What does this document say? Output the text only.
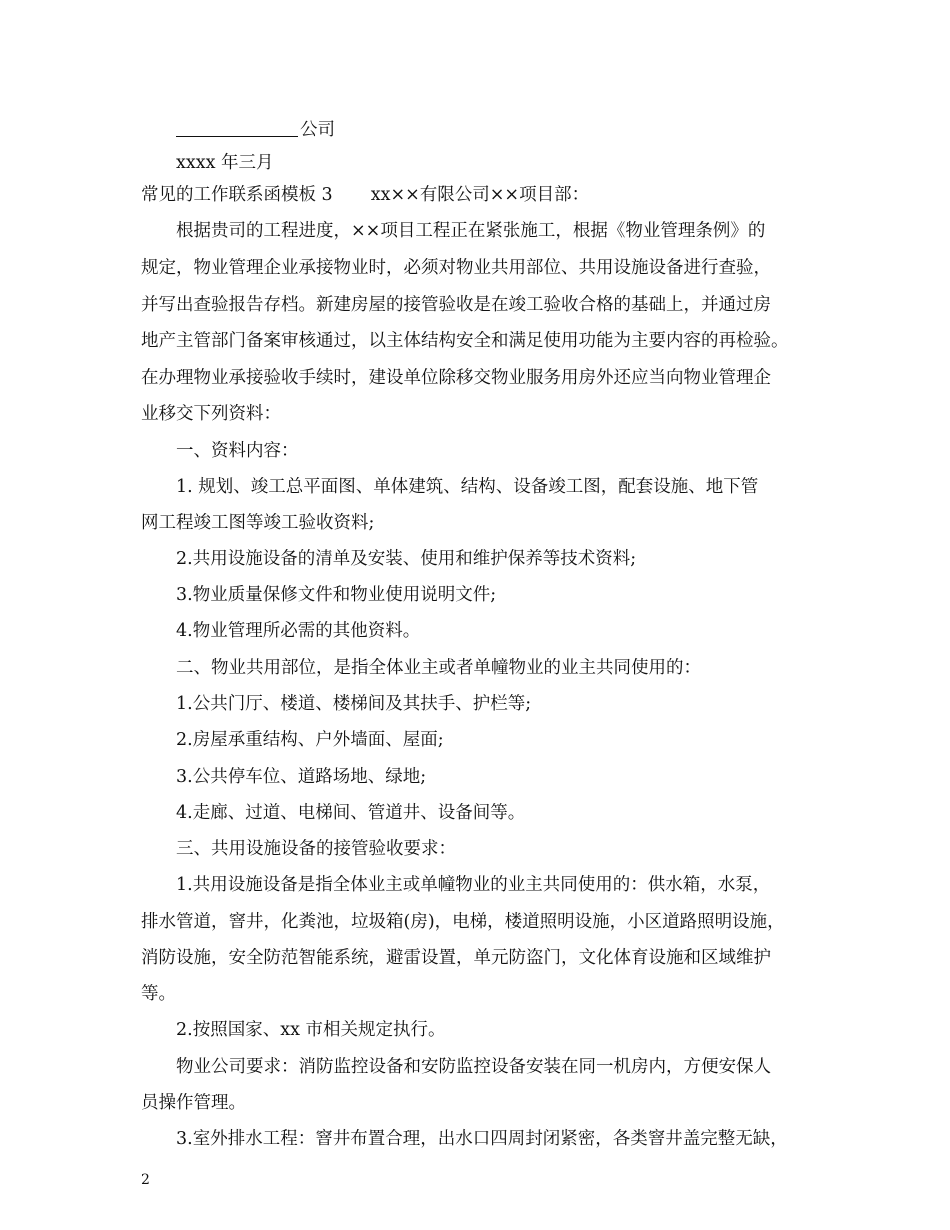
公司
xxxx 年三月
常见的工作联系函模板 3 xx××有限公司××项目部：
根据贵司的工程进度，××项目工程正在紧张施工，根据《物业管理条例》的
规定，物业管理企业承接物业时，必须对物业共用部位、共用设施设备进行查验，
并写出查验报告存档。新建房屋的接管验收是在竣工验收合格的基础上，并通过房
地产主管部门备案审核通过，以主体结构安全和满足使用功能为主要内容的再检验。
在办理物业承接验收手续时，建设单位除移交物业服务用房外还应当向物业管理企
业移交下列资料：
一、资料内容：
1. 规划、竣工总平面图、单体建筑、结构、设备竣工图，配套设施、地下管
网工程竣工图等竣工验收资料;
2.共用设施设备的清单及安装、使用和维护保养等技术资料;
3.物业质量保修文件和物业使用说明文件;
4.物业管理所必需的其他资料。
二、物业共用部位，是指全体业主或者单幢物业的业主共同使用的：
1.公共门厅、楼道、楼梯间及其扶手、护栏等;
2.房屋承重结构、户外墙面、屋面;
3.公共停车位、道路场地、绿地;
4.走廊、过道、电梯间、管道井、设备间等。
三、共用设施设备的接管验收要求：
1.共用设施设备是指全体业主或单幢物业的业主共同使用的：供水箱，水泵，
排水管道，窨井，化粪池，垃圾箱(房)，电梯，楼道照明设施，小区道路照明设施，
消防设施，安全防范智能系统，避雷设置，单元防盗门，文化体育设施和区域维护
等。
2.按照国家、xx 市相关规定执行。
物业公司要求：消防监控设备和安防监控设备安装在同一机房内，方便安保人
员操作管理。
3.室外排水工程：窨井布置合理，出水口四周封闭紧密，各类窨井盖完整无缺，
2
